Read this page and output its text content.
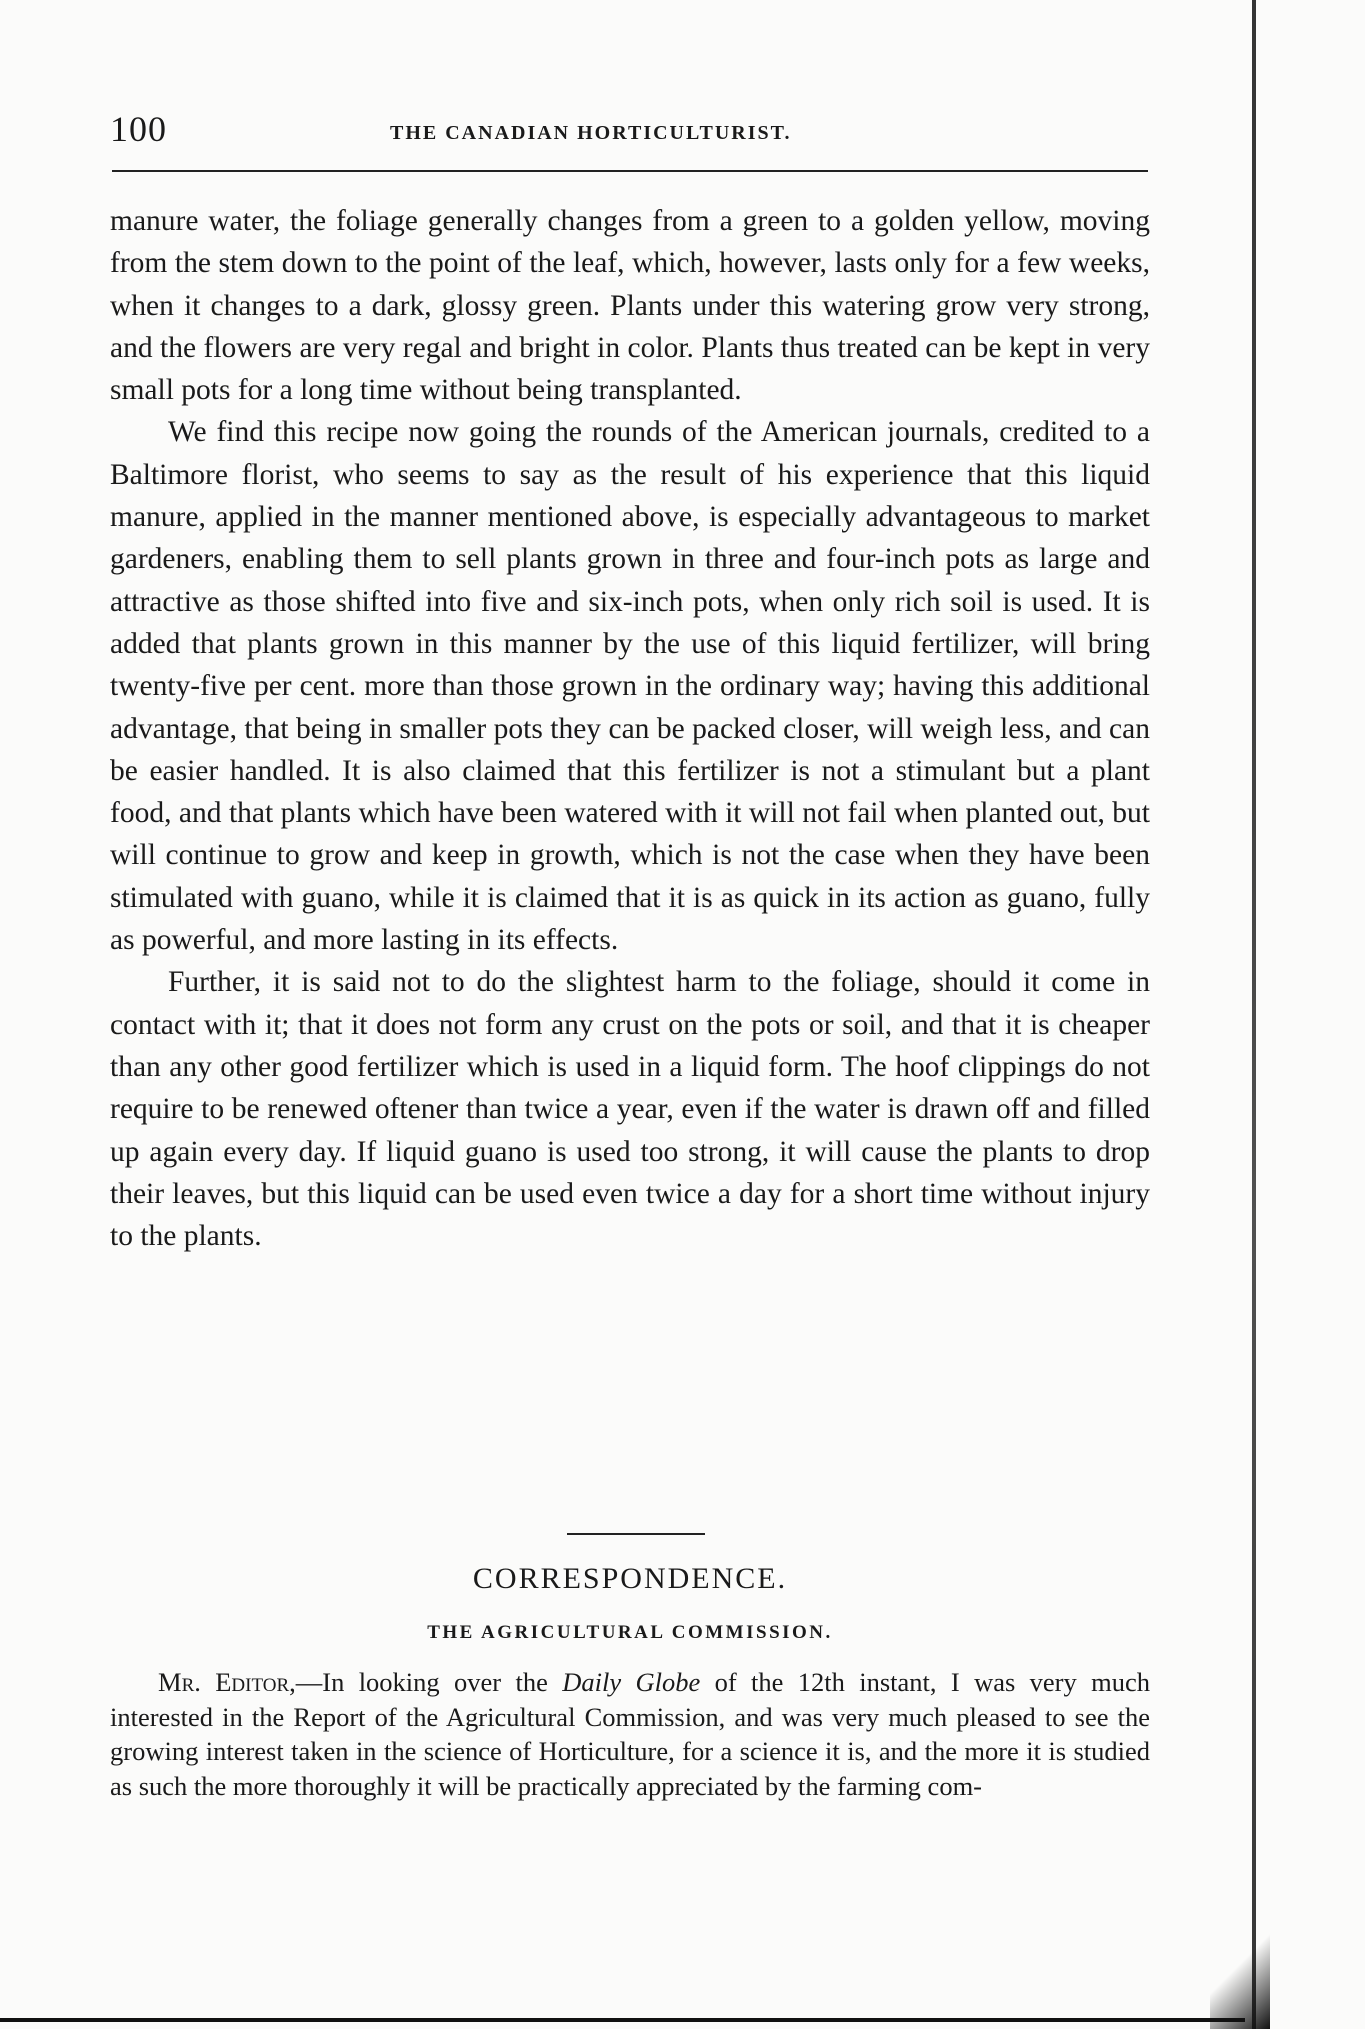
100	THE CANADIAN HORTICULTURIST.

manure water, the foliage generally changes from a green to a golden yellow, moving from the stem down to the point of the leaf, which, however, lasts only for a few weeks, when it changes to a dark, glossy green. Plants under this watering grow very strong, and the flowers are very regal and bright in color. Plants thus treated can be kept in very small pots for a long time without being transplanted.

We find this recipe now going the rounds of the American journals, credited to a Baltimore florist, who seems to say as the result of his experience that this liquid manure, applied in the manner mentioned above, is especially advantageous to market gardeners, enabling them to sell plants grown in three and four-inch pots as large and attractive as those shifted into five and six-inch pots, when only rich soil is used. It is added that plants grown in this manner by the use of this liquid fertilizer, will bring twenty-five per cent. more than those grown in the ordinary way; having this additional advantage, that being in smaller pots they can be packed closer, will weigh less, and can be easier handled. It is also claimed that this fertilizer is not a stimulant but a plant food, and that plants which have been watered with it will not fail when planted out, but will continue to grow and keep in growth, which is not the case when they have been stimulated with guano, while it is claimed that it is as quick in its action as guano, fully as powerful, and more lasting in its effects.

Further, it is said not to do the slightest harm to the foliage, should it come in contact with it; that it does not form any crust on the pots or soil, and that it is cheaper than any other good fertilizer which is used in a liquid form. The hoof clippings do not require to be renewed oftener than twice a year, even if the water is drawn off and filled up again every day. If liquid guano is used too strong, it will cause the plants to drop their leaves, but this liquid can be used even twice a day for a short time without injury to the plants.

CORRESPONDENCE.
THE AGRICULTURAL COMMISSION.

Mr. Editor,—In looking over the Daily Globe of the 12th instant, I was very much interested in the Report of the Agricultural Commission, and was very much pleased to see the growing interest taken in the science of Horticulture, for a science it is, and the more it is studied as such the more thoroughly it will be practically appreciated by the farming com-
